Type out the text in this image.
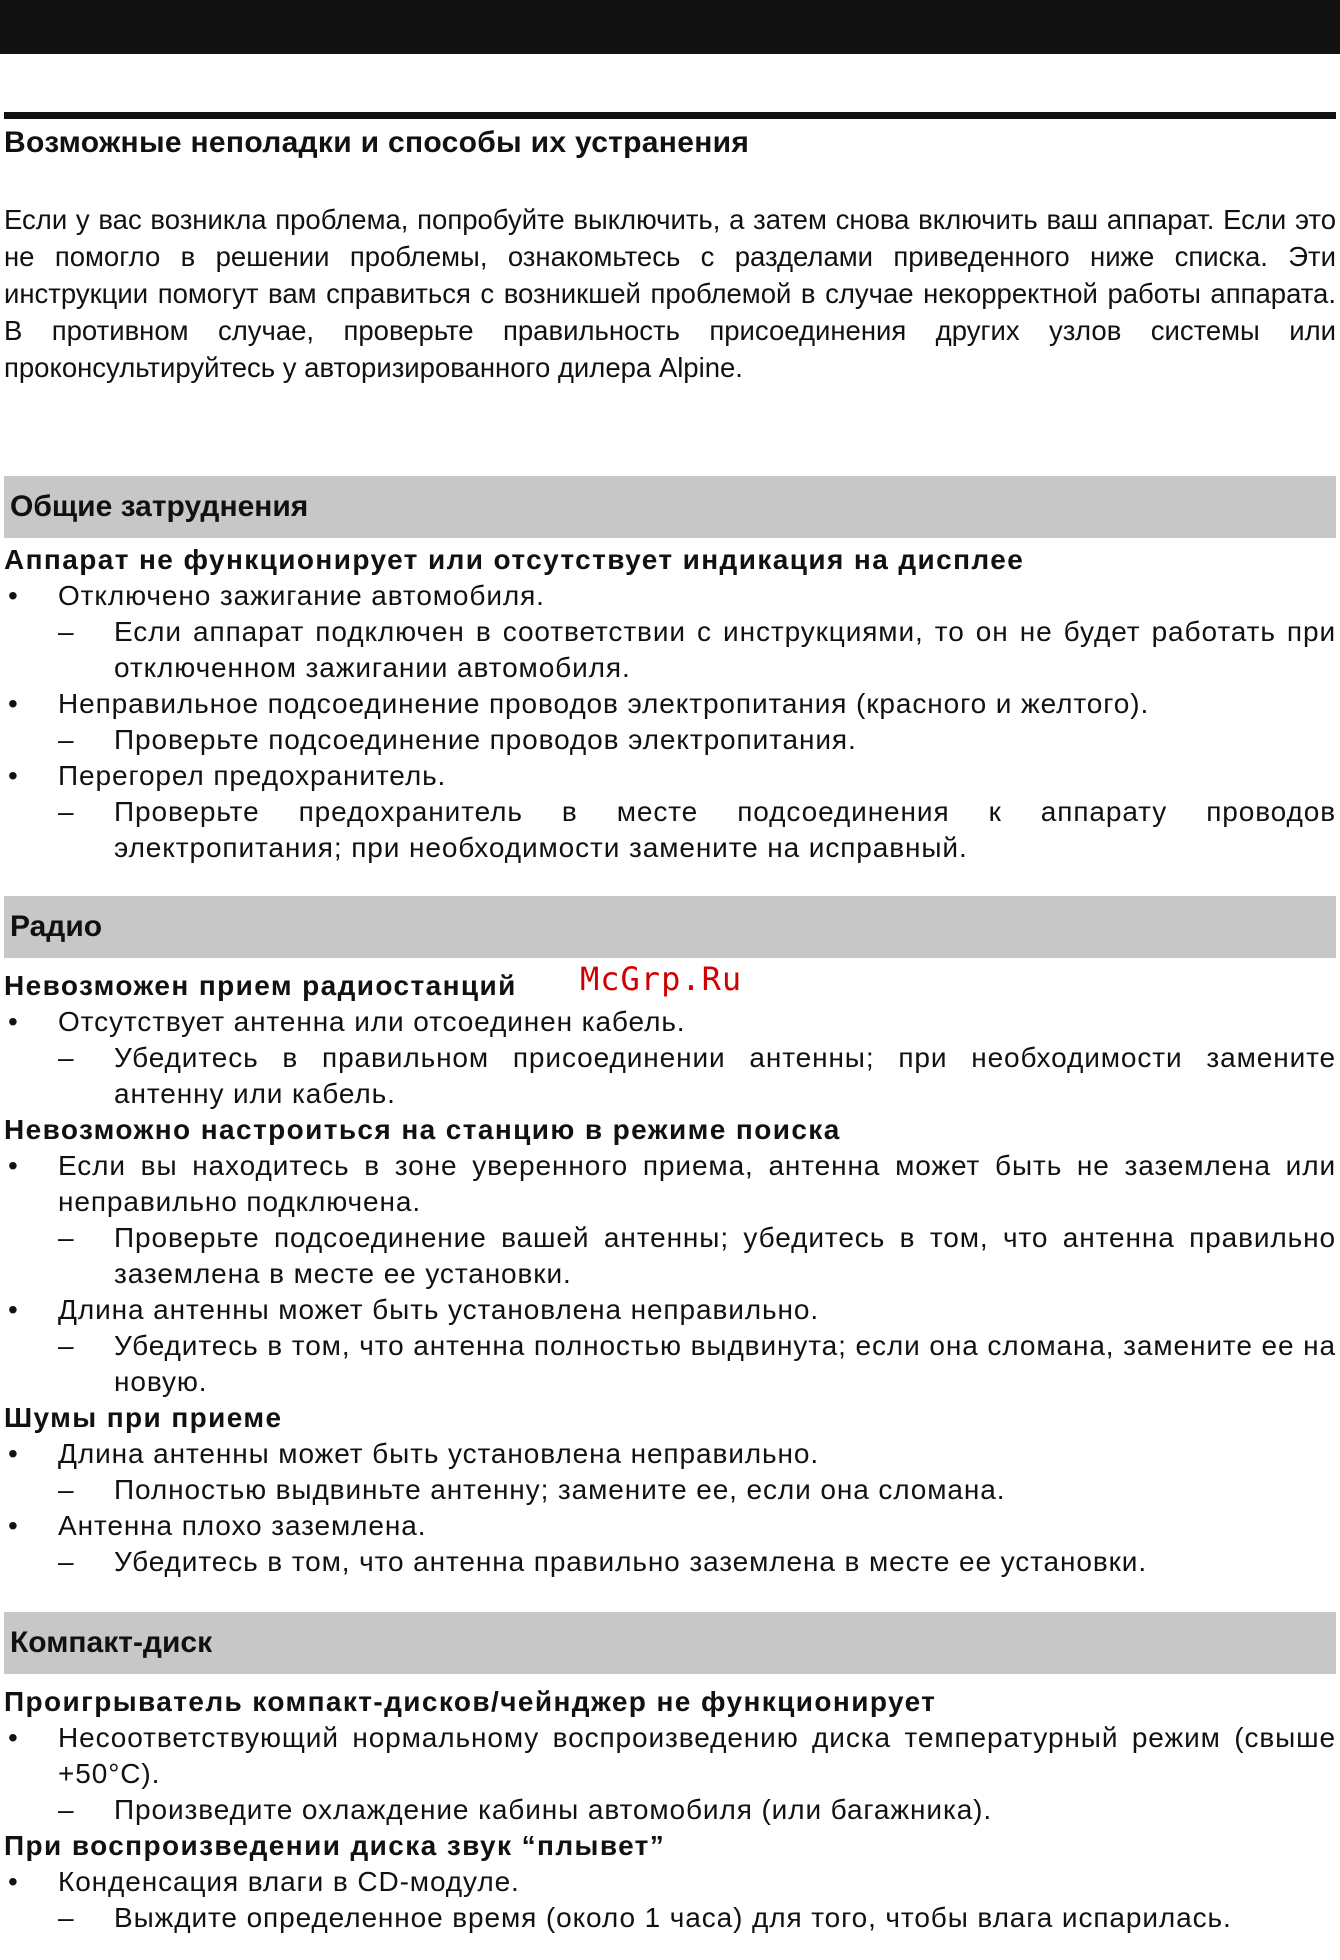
Возможные неполадки и способы их устранения

Если у вас возникла проблема, попробуйте выключить, а затем снова включить ваш аппарат. Если это не помогло в решении проблемы, ознакомьтесь с разделами приведенного ниже списка. Эти инструкции помогут вам справиться с возникшей проблемой в случае некорректной работы аппарата. В противном случае, проверьте правильность присоединения других узлов системы или проконсультируйтесь у авторизированного дилера Alpine.

Общие затруднения

Аппарат не функционирует или отсутствует индикация на дисплее

• Отключено зажигание автомобиля.
– Если аппарат подключен в соответствии с инструкциями, то он не будет работать при отключенном зажигании автомобиля.
• Неправильное подсоединение проводов электропитания (красного и желтого).
– Проверьте подсоединение проводов электропитания.
• Перегорел предохранитель.
– Проверьте предохранитель в месте подсоединения к аппарату проводов электропитания; при необходимости замените на исправный.
Радио

Невозможен прием радиостанций

• Отсутствует антенна или отсоединен кабель.
– Убедитесь в правильном присоединении антенны; при необходимости замените антенну или кабель.

Невозможно настроиться на станцию в режиме поиска

• Если вы находитесь в зоне уверенного приема, антенна может быть не заземлена или неправильно подключена.
– Проверьте подсоединение вашей антенны; убедитесь в том, что антенна правильно заземлена в месте ее установки.
• Длина антенны может быть установлена неправильно.
– Убедитесь в том, что антенна полностью выдвинута; если она сломана, замените ее на новую.

Шумы при приеме

• Длина антенны может быть установлена неправильно.
– Полностью выдвиньте антенну; замените ее, если она сломана.
• Антенна плохо заземлена.
– Убедитесь в том, что антенна правильно заземлена в месте ее установки.
Компакт-диск

Проигрыватель компакт-дисков/чейнджер не функционирует

• Несоответствующий нормальному воспроизведению диска температурный режим (свыше +50°C).
– Произведите охлаждение кабины автомобиля (или багажника).

При воспроизведении диска звук “плывет”

• Конденсация влаги в CD-модуле.
– Выждите определенное время (около 1 часа) для того, чтобы влага испарилась.
McGrp.Ru
